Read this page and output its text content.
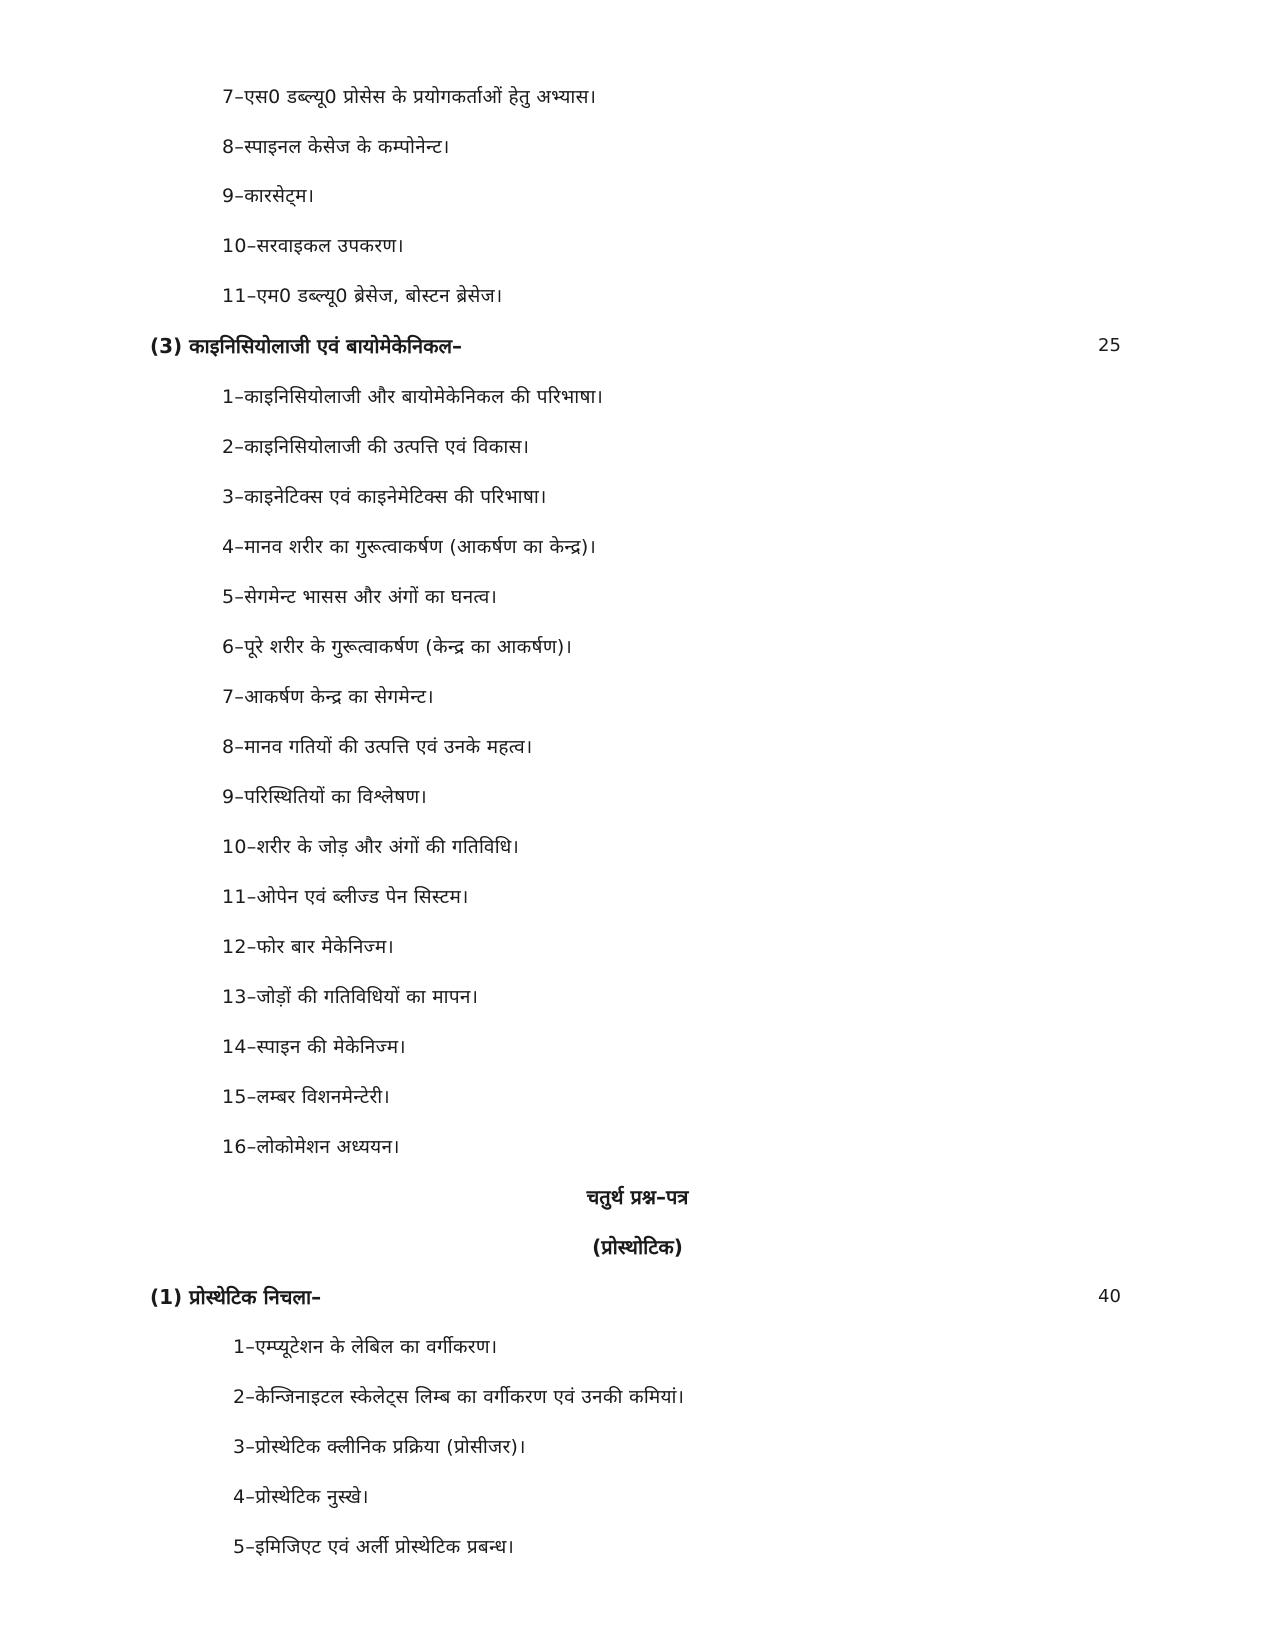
7–एस0 डब्ल्यू0 प्रोसेस के प्रयोगकर्ताओं हेतु अभ्यास।
8–स्पाइनल केसेज के कम्पोनेन्ट।
9–कारसेट्म।
10–सरवाइकल उपकरण।
11–एम0 डब्ल्यू0 ब्रेसेज, बोस्टन ब्रेसेज।
(3) काइनिसियोलाजी एवं बायोमेकेनिकल–	25
1–काइनिसियोलाजी और बायोमेकेनिकल की परिभाषा।
2–काइनिसियोलाजी की उत्पत्ति एवं विकास।
3–काइनेटिक्स एवं काइनेमेटिक्स की परिभाषा।
4–मानव शरीर का गुरूत्वाकर्षण (आकर्षण का केन्द्र)।
5–सेगमेन्ट भासस और अंगों का घनत्व।
6–पूरे शरीर के गुरूत्वाकर्षण (केन्द्र का आकर्षण)।
7–आकर्षण केन्द्र का सेगमेन्ट।
8–मानव गतियों की उत्पत्ति एवं उनके महत्व।
9–परिस्थितियों का विश्लेषण।
10–शरीर के जोड़ और अंगों की गतिविधि।
11–ओपेन एवं ब्लीज्ड पेन सिस्टम।
12–फोर बार मेकेनिज्म।
13–जोड़ों की गतिविधियों का मापन।
14–स्पाइन की मेकेनिज्म।
15–लम्बर विशनमेन्टेरी।
16–लोकोमेशन अध्ययन।
चतुर्थ प्रश्न–पत्र
(प्रोस्थोटिक)
(1) प्रोस्थेटिक निचला–	40
1–एम्प्यूटेशन के लेबिल का वर्गीकरण।
2–केन्जिनाइटल स्केलेट्स लिम्ब का वर्गीकरण एवं उनकी कमियां।
3–प्रोस्थेटिक क्लीनिक प्रक्रिया (प्रोसीजर)।
4–प्रोस्थेटिक नुस्खे।
5–इमिजिएट एवं अर्ली प्रोस्थेटिक प्रबन्ध।
